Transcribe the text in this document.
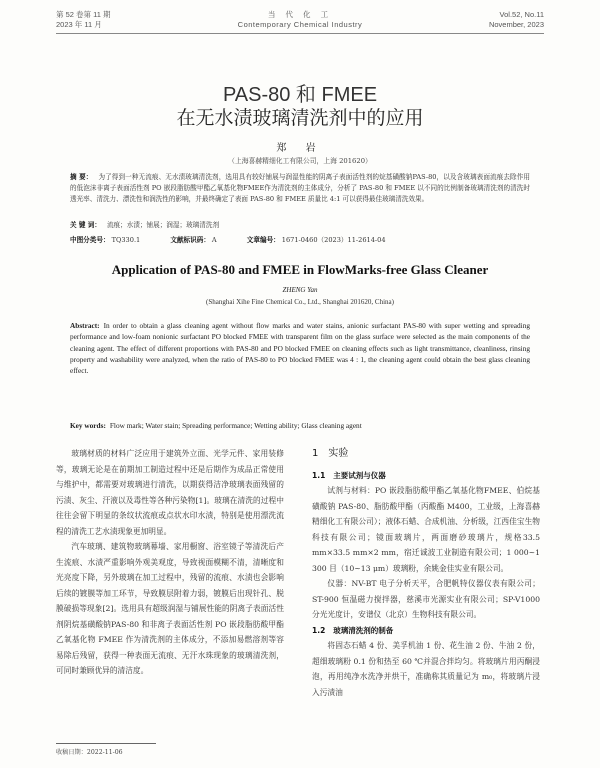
第 52 卷第 11 期
2023 年 11 月
当 代 化 工
Contemporary Chemical Industry
Vol.52, No.11
November, 2023
PAS-80 和 FMEE
在无水渍玻璃清洗剂中的应用
郑 岩
（上海喜赫精细化工有限公司，上海 201620）
摘 要： 为了得到一种无流痕、无水渍玻璃清洗剂，选用具有较好铺展与润湿性能的阴离子表面活性剂的烷基磺酸钠PAS-80，以及含玻璃表面流痕去除作用的低泡沫非离子表面活性剂 PO 嵌段脂肪酸甲酯乙氧基化物FMEE作为清洗剂的主体成分，分析了 PAS-80 和 FMEE 以不同的比例制备玻璃清洗剂的清洗时透光率、清洗力、漂洗性和润洗性的影响，并最终确定了表面 PAS-80 和 FMEE 质量比 4:1 可以获得最佳玻璃清洗效果。
关 键 词： 流痕；水渍；铺展；润湿；玻璃清洗剂
中图分类号： TQ330.1	文献标识码： A	文章编号： 1671-0460（2023）11-2614-04
Application of PAS-80 and FMEE in FlowMarks-free Glass Cleaner
ZHENG Yan
(Shanghai Xihe Fine Chemical Co., Ltd., Shanghai 201620, China)
Abstract: In order to obtain a glass cleaning agent without flow marks and water stains, anionic surfactant PAS-80 with super wetting and spreading performance and low-foam nonionic surfactant PO blocked FMEE with transparent film on the glass surface were selected as the main components of the cleaning agent. The effect of different proportions with PAS-80 and PO blocked FMEE on cleaning effects such as light transmittance, cleanliness, rinsing property and washability were analyzed, when the ratio of PAS-80 to PO blocked FMEE was 4 : 1, the cleaning agent could obtain the best glass cleaning effect.
Key words: Flow mark; Water stain; Spreading performance; Wetting ability; Glass cleaning agent

玻璃材质的材料广泛应用于建筑外立面、光学元件、家用装修等，玻璃无论是在前期加工制造过程中还是后期作为成品正常使用与维护中，都需要对玻璃进行清洗，以期获得洁净玻璃表面残留的污渍、灰尘、汗液以及毒性等各种污染物[1]。玻璃在清洗的过程中往往会留下明显的条纹状流痕或点状水印水渍，特别是使用漂洗流程的清洗工艺水渍现象更加明显。

汽车玻璃、建筑物玻璃幕墙、家用橱窗、浴室镜子等清洗后产生流痕、水渍严重影响外观美观度，导致视面模糊不清，清晰度和光亮度下降，另外玻璃在加工过程中，残留的流痕、水渍也会影响后续的镀膜等加工环节，导致膜层附着力弱，镀膜后出现针孔、脱膜破损等现象[2]。选用具有超级润湿与铺展性能的阴离子表面活性剂阴烷基磺酸钠PAS-80 和非离子表面活性剂 PO 嵌段脂肪酸甲酯乙氧基化物 FMEE 作为清洗剂的主体成分，不添加易燃溶剂等容易除后残留，获得一种表面无流痕、无汗水珠现象的玻璃清洗剂，可同时兼顾优异的清洁度。

1 实验
1.1 主要试剂与仪器

试剂与材料：PO 嵌段脂肪酸甲酯乙氧基化物FMEE、伯烷基磺酸钠 PAS-80、脂肪酸甲酯（丙酸酯 M400，工业级，上海喜赫精细化工有限公司）；液体石蜡、合成机油、分析级，江西佳宝生物科技有限公司；镜面玻璃片，两面磨砂玻璃片，规格33.5 mm×33.5 mm×2 mm，宿迁诚波工业制造有限公司；1 000~1 300 目（10~13 μm）玻璃粉，余姚金佳实业有限公司。

仪器：NV-BT 电子分析天平，合肥帆特仪器仪表有限公司；ST-900 恒温磁力搅拌器，慈溪市光源实业有限公司；SP-V1000 分光光度计，安谱仪（北京）生物科技有限公司。

1.2 玻璃清洗剂的制备

将固态石蜡 4 份、美孚机油 1 份、花生油 2 份、牛油 2 份，超细玻璃粉 0.1 份和热至 60 ℃并混合拌均匀。将玻璃片用丙酮浸泡，再用纯净水洗净并烘干，准确称其质量记为 m₀，将玻璃片浸入污渍油

收稿日期：2022-11-06
